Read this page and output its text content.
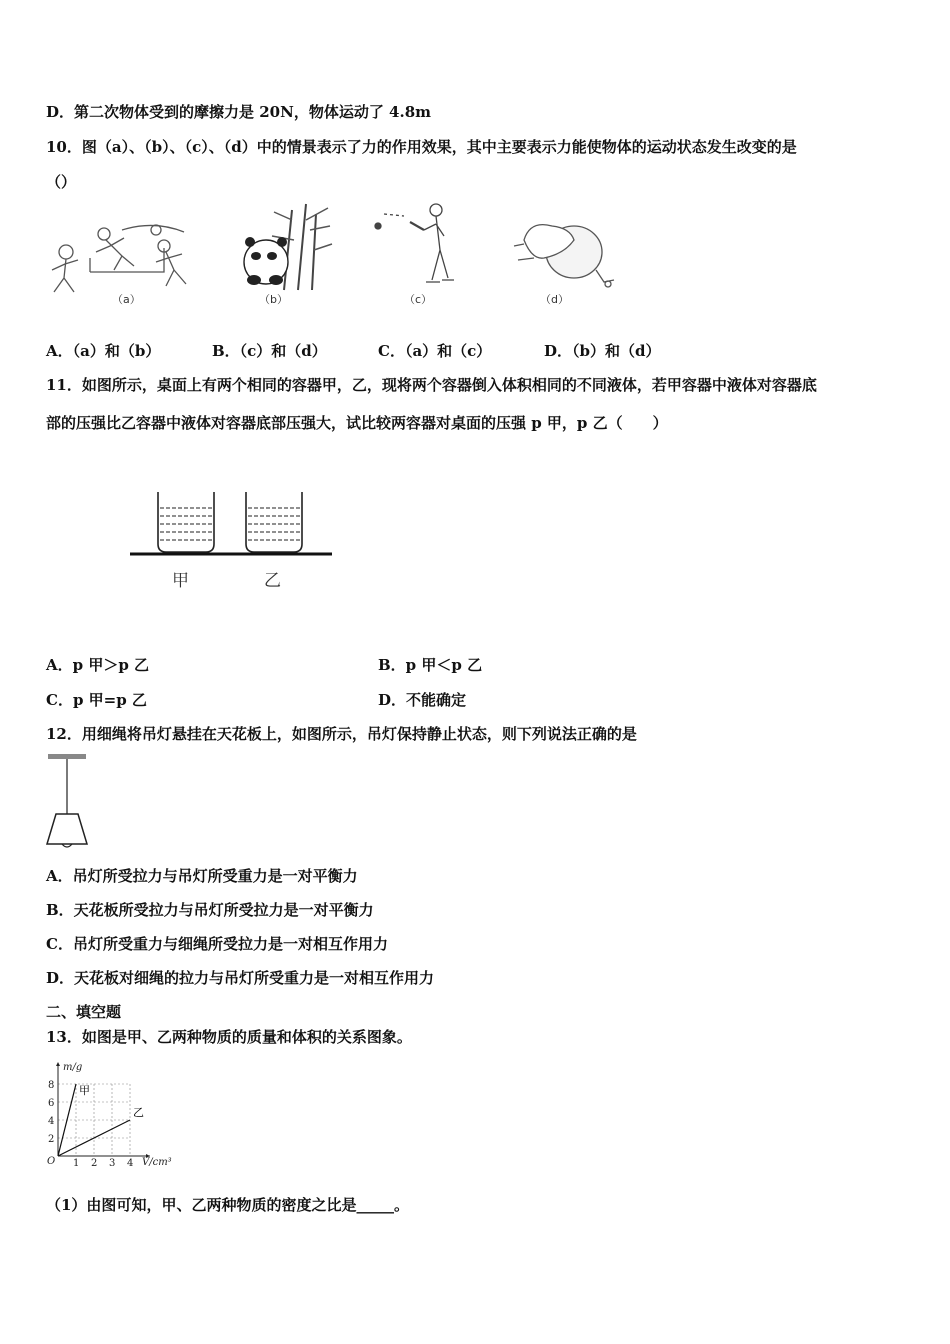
D．第二次物体受到的摩擦力是 20N，物体运动了 4.8m
10．图（a）、（b）、（c）、（d）中的情景表示了力的作用效果，其中主要表示力能使物体的运动状态发生改变的是
（）
（a）	（b）	（c）	（d）
A．（a）和（b）	B．（c）和（d）	C．（a）和（c）	D．（b）和（d）
11．如图所示，桌面上有两个相同的容器甲，乙，现将两个容器倒入体积相同的不同液体，若甲容器中液体对容器底
部的压强比乙容器中液体对容器底部压强大，试比较两容器对桌面的压强 p 甲，p 乙（　　）
甲	乙
A．p 甲＞p 乙	B．p 甲＜p 乙
C．p 甲=p 乙	D．不能确定
12．用细绳将吊灯悬挂在天花板上，如图所示，吊灯保持静止状态，则下列说法正确的是
A．吊灯所受拉力与吊灯所受重力是一对平衡力
B．天花板所受拉力与吊灯所受拉力是一对平衡力
C．吊灯所受重力与细绳所受拉力是一对相互作用力
D．天花板对细绳的拉力与吊灯所受重力是一对相互作用力
二、填空题
13．如图是甲、乙两种物质的质量和体积的关系图象。
m/g
V/cm³
O 1 2 3 4
2
4
6
8 甲
乙
（1）由图可知，甲、乙两种物质的密度之比是_____。
